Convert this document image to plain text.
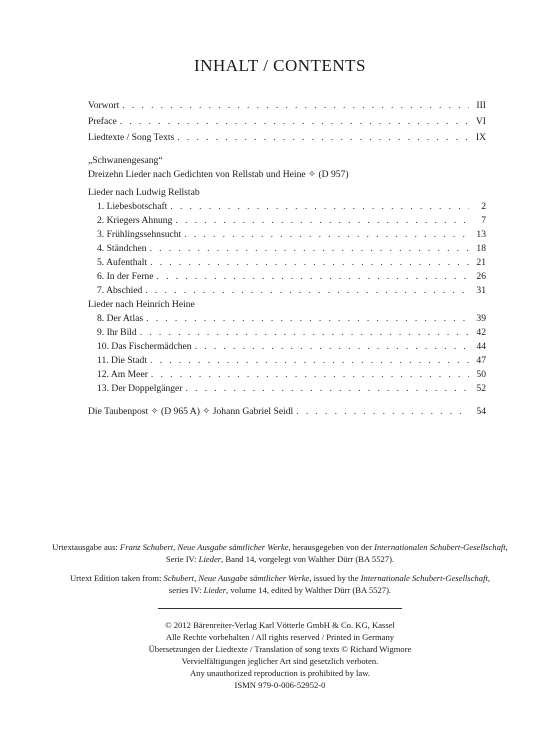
INHALT / CONTENTS
Vorwort . . .	III
Preface . . .	VI
Liedtexte / Song Texts . . .	IX
„Schwanengesang“
Dreizehn Lieder nach Gedichten von Rellstab und Heine ✧ (D 957)
Lieder nach Ludwig Rellstab
1. Liebesbotschaft . . .	2
2. Kriegers Ahnung . . .	7
3. Frühlingssehnsucht . . .	13
4. Ständchen . . .	18
5. Aufenthalt . . .	21
6. In der Ferne . . .	26
7. Abschied . . .	31
Lieder nach Heinrich Heine
8. Der Atlas . . .	39
9. Ihr Bild . . .	42
10. Das Fischermädchen . . .	44
11. Die Stadt . . .	47
12. Am Meer . . .	50
13. Der Doppelgänger . . .	52
Die Taubenpost ✧ (D 965 A) ✧ Johann Gabriel Seidl . . .	54
Urtextausgabe aus: Franz Schubert, Neue Ausgabe sämtlicher Werke, herausgegeben von der Internationalen Schubert-Gesellschaft,
Serie IV: Lieder, Band 14, vorgelegt von Walther Dürr (BA 5527).
Urtext Edition taken from: Schubert, Neue Ausgabe sämtlicher Werke, issued by the Internationale Schubert-Gesellschaft,
series IV: Lieder, volume 14, edited by Walther Dürr (BA 5527).
© 2012 Bärenreiter-Verlag Karl Vötterle GmbH & Co. KG, Kassel
Alle Rechte vorbehalten / All rights reserved / Printed in Germany
Übersetzungen der Liedtexte / Translation of song texts © Richard Wigmore
Vervielfältigungen jeglicher Art sind gesetzlich verboten.
Any unauthorized reproduction is prohibited by law.
ISMN 979-0-006-52952-0
